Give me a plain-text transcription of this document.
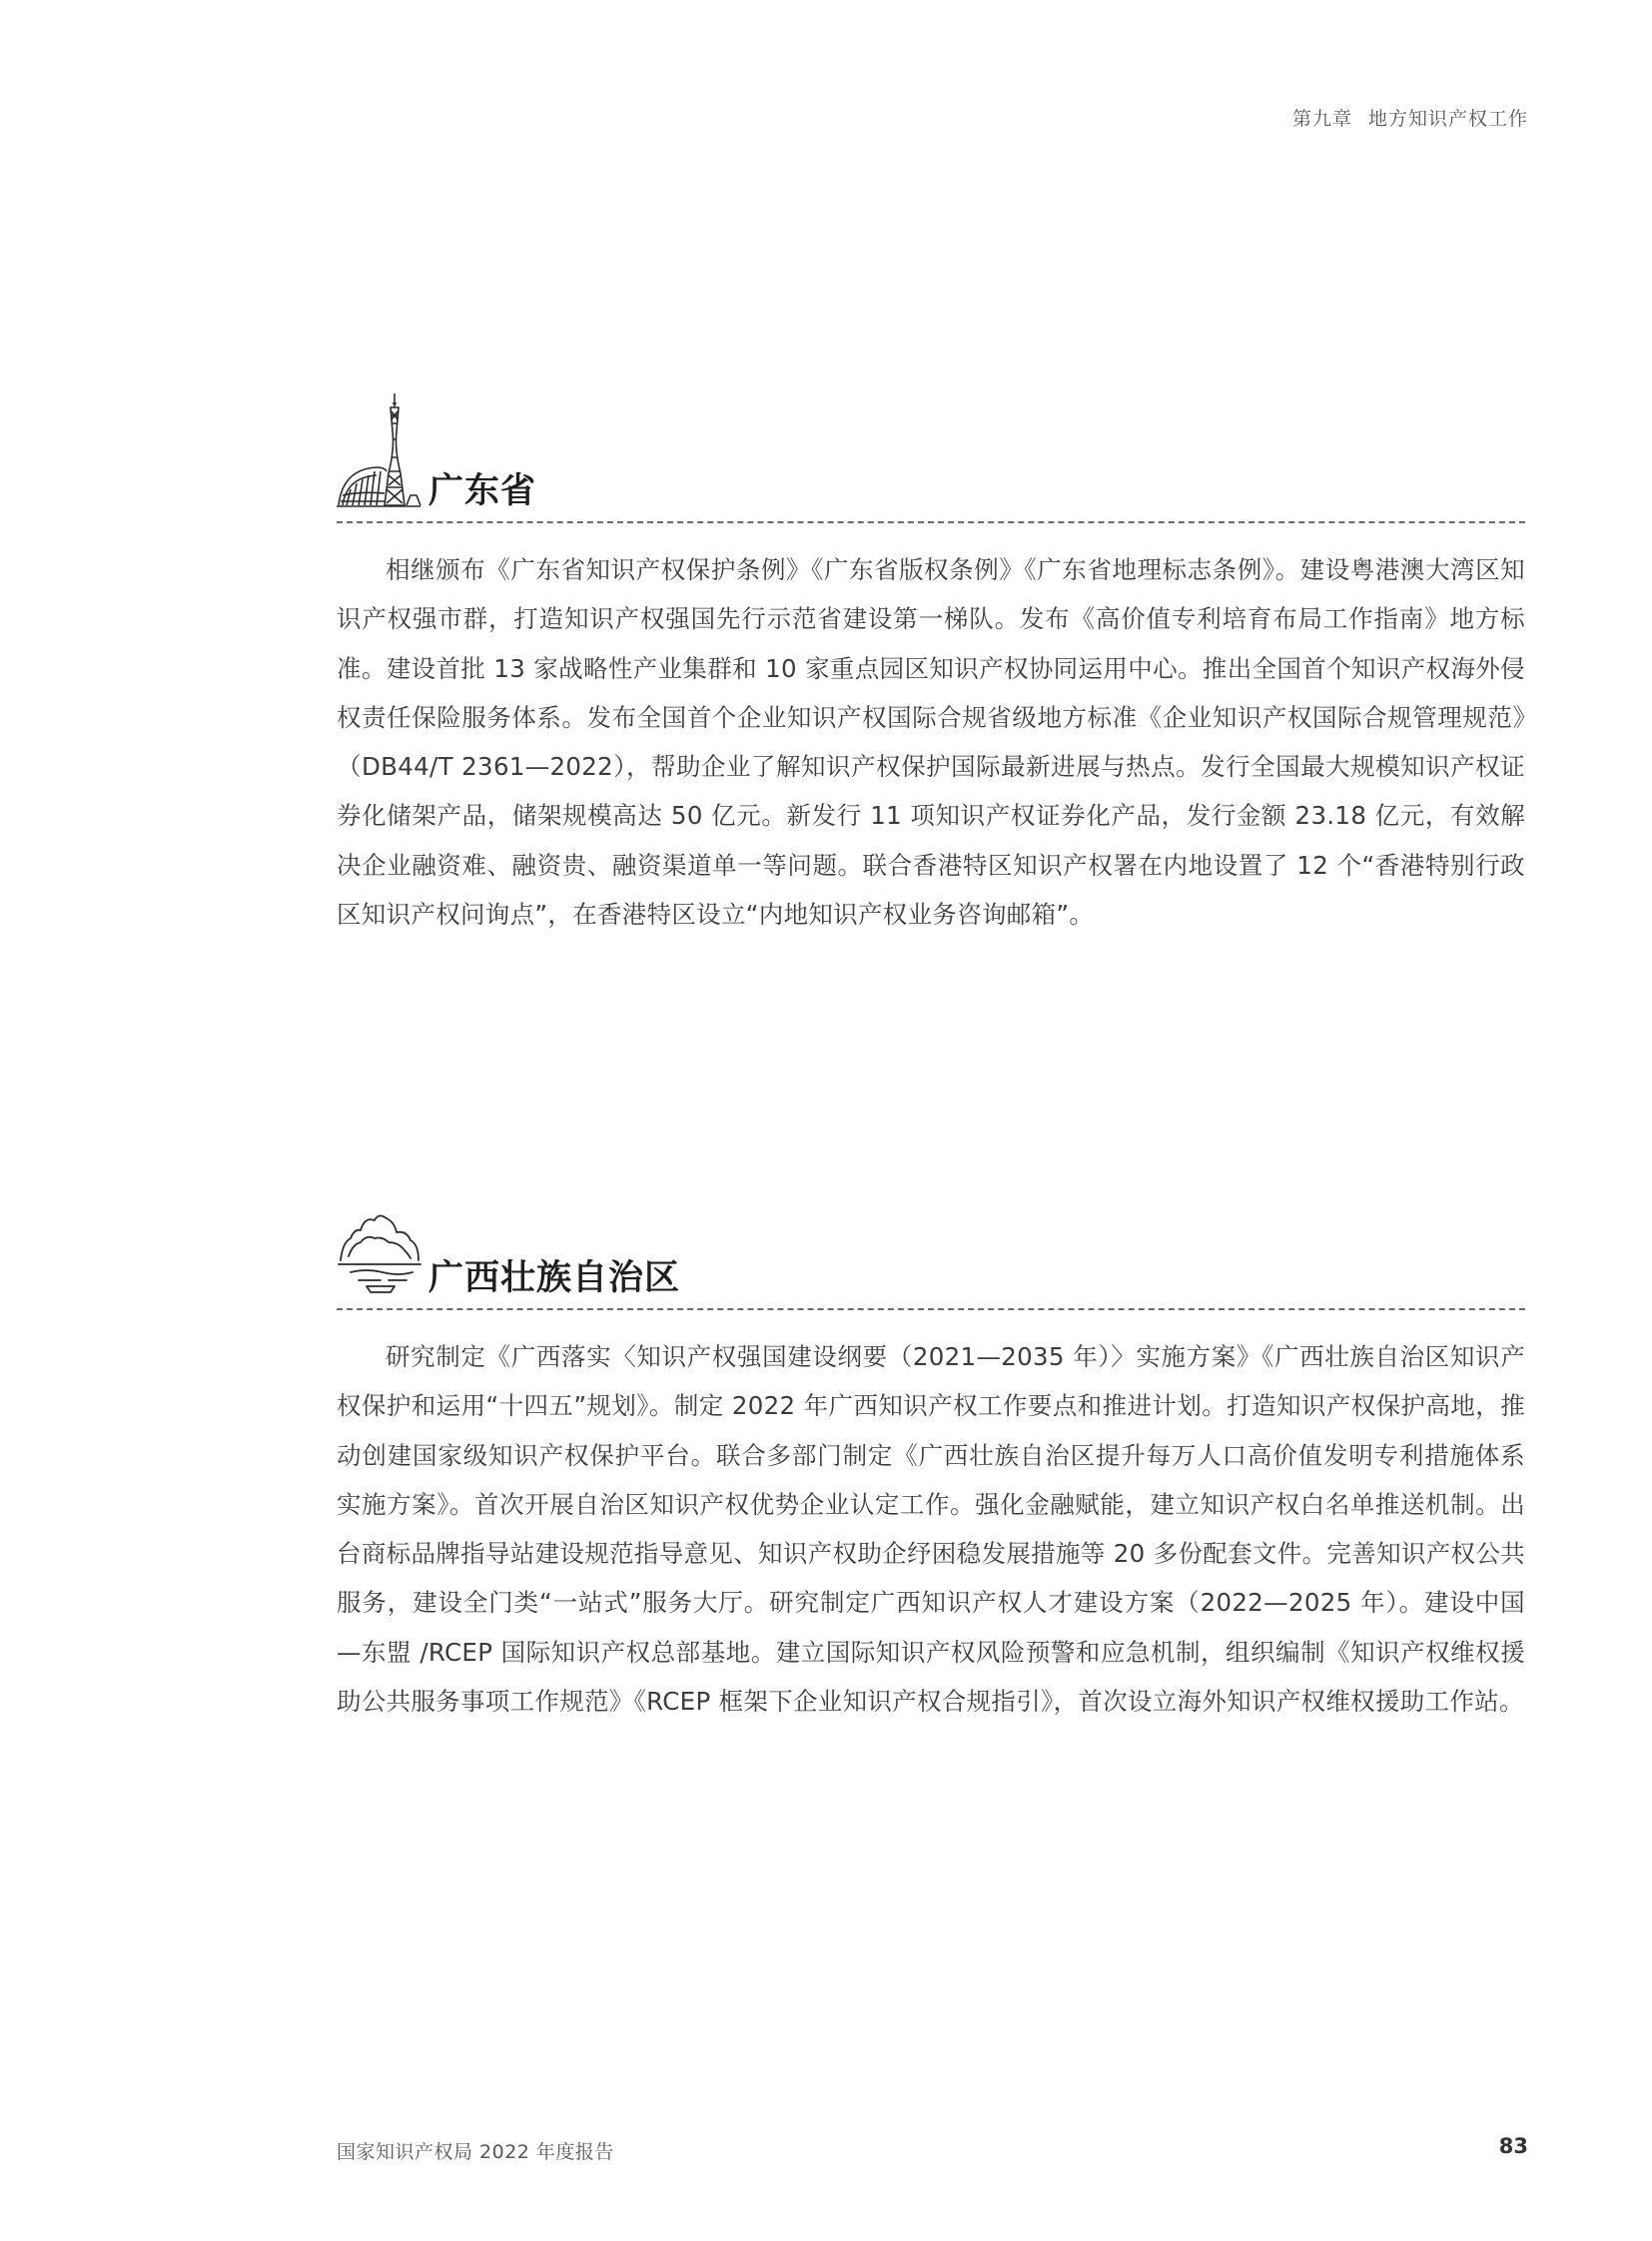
第九章 地方知识产权工作
广东省

相继颁布《广东省知识产权保护条例》《广东省版权条例》《广东省地理标志条例》。建设粤港澳大湾区知识产权强市群，打造知识产权强国先行示范省建设第一梯队。发布《高价值专利培育布局工作指南》地方标准。建设首批 13 家战略性产业集群和 10 家重点园区知识产权协同运用中心。推出全国首个知识产权海外侵权责任保险服务体系。发布全国首个企业知识产权国际合规省级地方标准《企业知识产权国际合规管理规范》（DB44/T 2361—2022），帮助企业了解知识产权保护国际最新进展与热点。发行全国最大规模知识产权证券化储架产品，储架规模高达 50 亿元。新发行 11 项知识产权证券化产品，发行金额 23.18 亿元，有效解决企业融资难、融资贵、融资渠道单一等问题。联合香港特区知识产权署在内地设置了 12 个“香港特别行政区知识产权问询点”，在香港特区设立“内地知识产权业务咨询邮箱”。

广西壮族自治区

研究制定《广西落实〈知识产权强国建设纲要（2021—2035 年）〉实施方案》《广西壮族自治区知识产权保护和运用“十四五”规划》。制定 2022 年广西知识产权工作要点和推进计划。打造知识产权保护高地，推动创建国家级知识产权保护平台。联合多部门制定《广西壮族自治区提升每万人口高价值发明专利措施体系实施方案》。首次开展自治区知识产权优势企业认定工作。强化金融赋能，建立知识产权白名单推送机制。出台商标品牌指导站建设规范指导意见、知识产权助企纾困稳发展措施等 20 多份配套文件。完善知识产权公共服务，建设全门类“一站式”服务大厅。研究制定广西知识产权人才建设方案（2022—2025 年）。建设中国—东盟 /RCEP 国际知识产权总部基地。建立国际知识产权风险预警和应急机制，组织编制《知识产权维权援助公共服务事项工作规范》《RCEP 框架下企业知识产权合规指引》，首次设立海外知识产权维权援助工作站。

国家知识产权局 2022 年度报告	83
